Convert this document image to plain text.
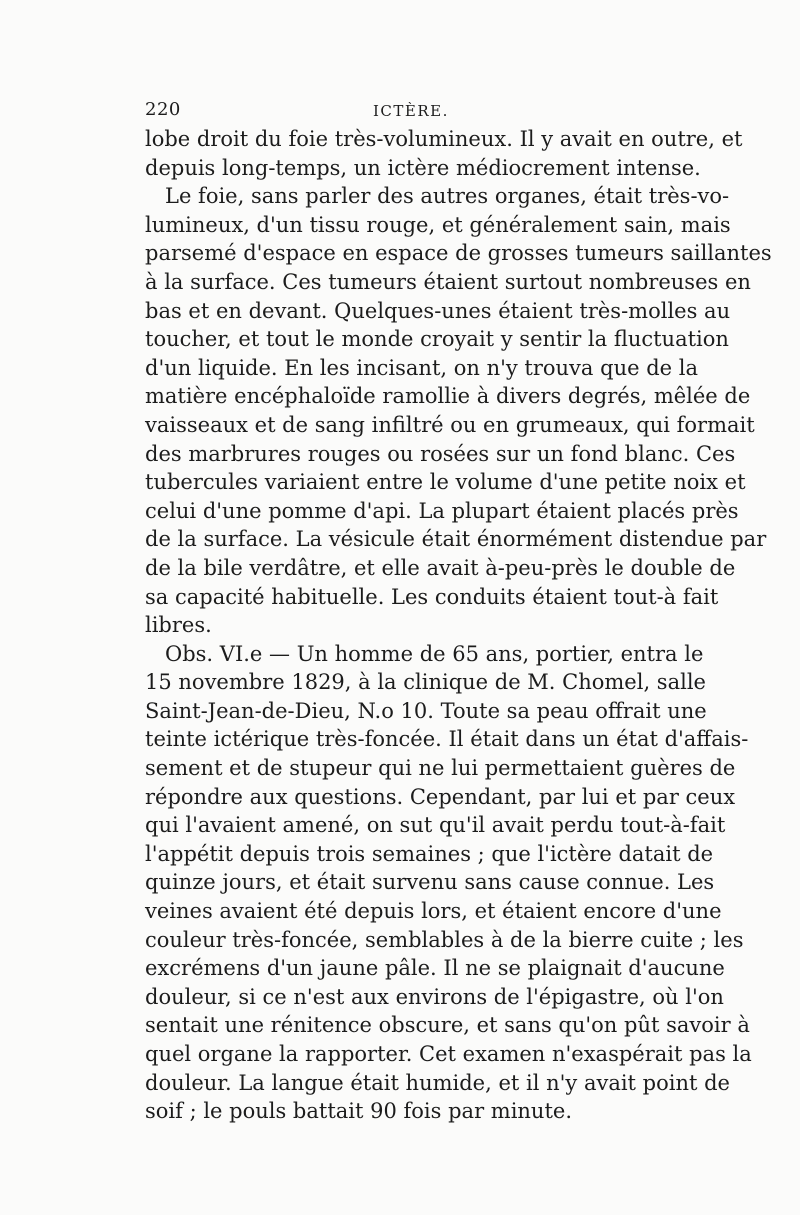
220	ICTÈRE.
lobe droit du foie très-volumineux. Il y avait en outre, et
depuis long-temps, un ictère médiocrement intense.
Le foie, sans parler des autres organes, était très-vo-
lumineux, d'un tissu rouge, et généralement sain, mais
parsemé d'espace en espace de grosses tumeurs saillantes
à la surface. Ces tumeurs étaient surtout nombreuses en
bas et en devant. Quelques-unes étaient très-molles au
toucher, et tout le monde croyait y sentir la fluctuation
d'un liquide. En les incisant, on n'y trouva que de la
matière encéphaloïde ramollie à divers degrés, mêlée de
vaisseaux et de sang infiltré ou en grumeaux, qui formait
des marbrures rouges ou rosées sur un fond blanc. Ces
tubercules variaient entre le volume d'une petite noix et
celui d'une pomme d'api. La plupart étaient placés près
de la surface. La vésicule était énormément distendue par
de la bile verdâtre, et elle avait à-peu-près le double de
sa capacité habituelle. Les conduits étaient tout-à fait
libres.
Obs. VI.e — Un homme de 65 ans, portier, entra le
15 novembre 1829, à la clinique de M. Chomel, salle
Saint-Jean-de-Dieu, N.o 10. Toute sa peau offrait une
teinte ictérique très-foncée. Il était dans un état d'affais-
sement et de stupeur qui ne lui permettaient guères de
répondre aux questions. Cependant, par lui et par ceux
qui l'avaient amené, on sut qu'il avait perdu tout-à-fait
l'appétit depuis trois semaines ; que l'ictère datait de
quinze jours, et était survenu sans cause connue. Les
veines avaient été depuis lors, et étaient encore d'une
couleur très-foncée, semblables à de la bierre cuite ; les
excrémens d'un jaune pâle. Il ne se plaignait d'aucune
douleur, si ce n'est aux environs de l'épigastre, où l'on
sentait une rénitence obscure, et sans qu'on pût savoir à
quel organe la rapporter. Cet examen n'exaspérait pas la
douleur. La langue était humide, et il n'y avait point de
soif ; le pouls battait 90 fois par minute.
